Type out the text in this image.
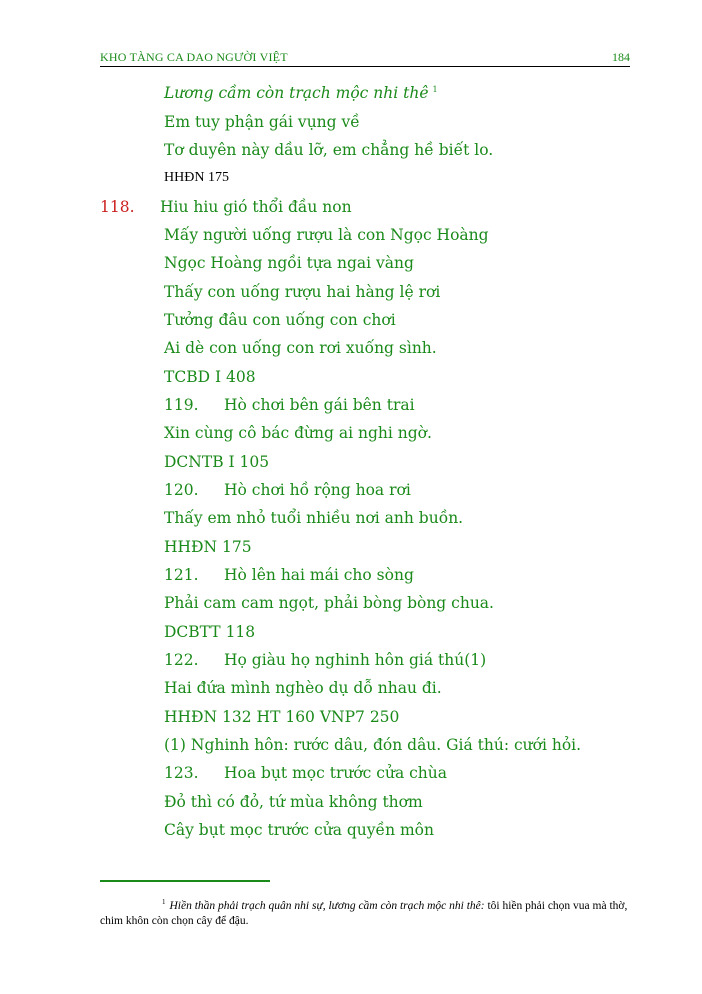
KHO TÀNG CA DAO NGƯỜI VIỆT	184
Lương cầm còn trạch mộc nhi thê $^1$
Em tuy phận gái vụng về
Tơ duyên này dầu lỡ, em chẳng hề biết lo.
HHĐN 175
118. Hiu hiu gió thổi đầu non
Mấy người uống rượu là con Ngọc Hoàng
Ngọc Hoàng ngồi tựa ngai vàng
Thấy con uống rượu hai hàng lệ rơi
Tưởng đâu con uống con chơi
Ai dè con uống con rơi xuống sình.
TCBD I 408
119. Hò chơi bên gái bên trai
Xin cùng cô bác đừng ai nghi ngờ.
DCNTB I 105
120. Hò chơi hồ rộng hoa rơi
Thấy em nhỏ tuổi nhiều nơi anh buồn.
HHĐN 175
121. Hò lên hai mái cho sòng
Phải cam cam ngọt, phải bòng bòng chua.
DCBTT 118
122. Họ giàu họ nghinh hôn giá thú(1)
Hai đứa mình nghèo dụ dỗ nhau đi.
HHĐN 132 HT 160 VNP7 250
(1) Nghinh hôn: rước dâu, đón dâu. Giá thú: cưới hỏi.
123. Hoa bụt mọc trước cửa chùa
Đỏ thì có đỏ, tứ mùa không thơm
Cây bụt mọc trước cửa quyền môn
$^1$ Hiền thần phải trạch quân nhi sự, lương cầm còn trạch mộc nhi thê: tôi hiền phải chọn vua mà thờ, chim khôn còn chọn cây để đậu.
